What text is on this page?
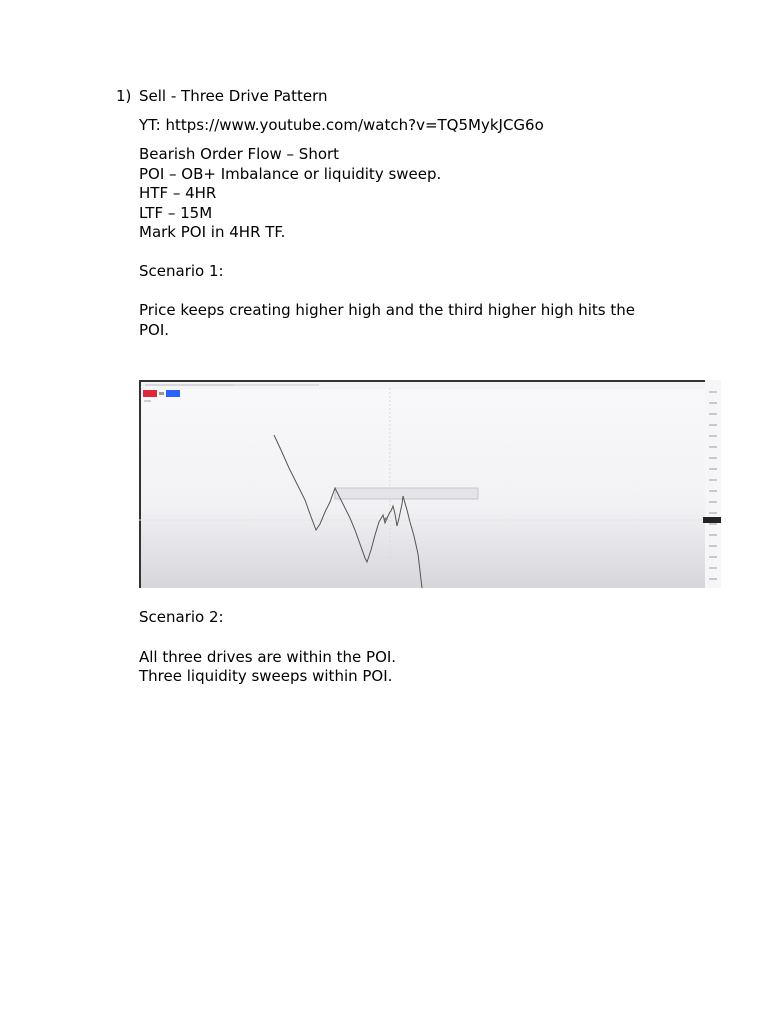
1) Sell - Three Drive Pattern
YT: https://www.youtube.com/watch?v=TQ5MykJCG6o
Bearish Order Flow – Short
POI – OB+ Imbalance or liquidity sweep.
HTF – 4HR
LTF – 15M
Mark POI in 4HR TF.
Scenario 1:
Price keeps creating higher high and the third higher high hits the POI.
Scenario 2:
All three drives are within the POI.
Three liquidity sweeps within POI.
